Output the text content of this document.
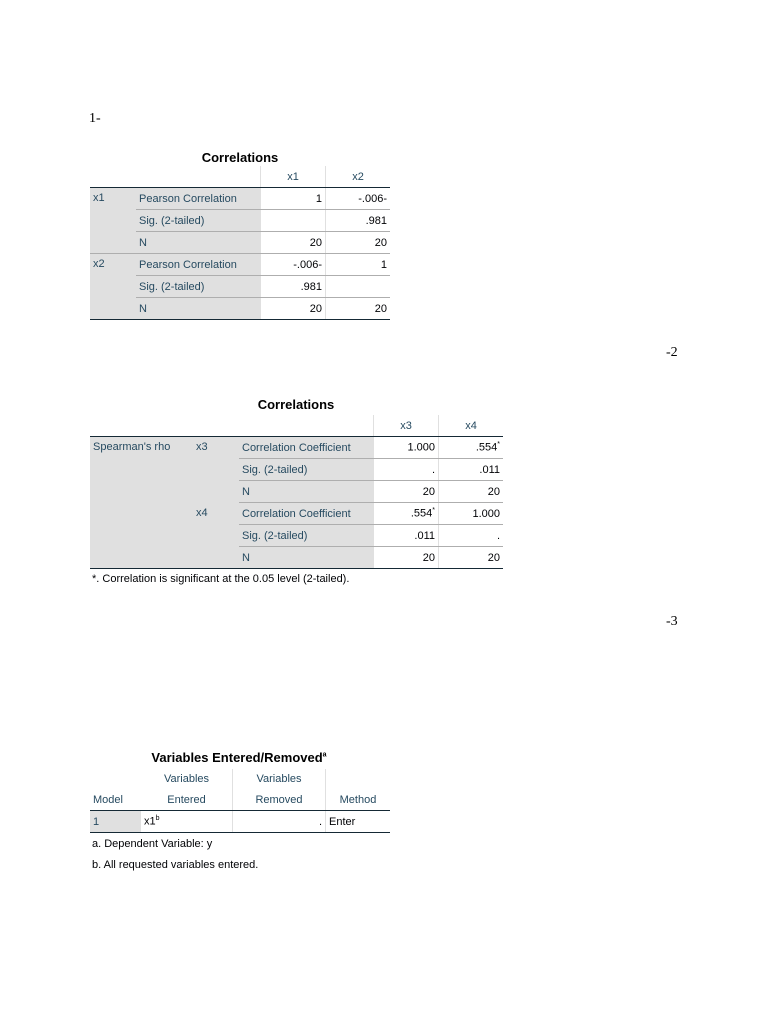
1-
Correlations
		x1	x2
x1	Pearson Correlation	1	-.006-
	Sig. (2-tailed)		.981
	N	20	20
x2	Pearson Correlation	-.006-	1
	Sig. (2-tailed)	.981	
	N	20	20
-2
Correlations
			x3	x4
Spearman's rho	x3	Correlation Coefficient	1.000	.554*
		Sig. (2-tailed)	.	.011
		N	20	20
	x4	Correlation Coefficient	.554*	1.000
		Sig. (2-tailed)	.011	.
		N	20	20
*. Correlation is significant at the 0.05 level (2-tailed).
-3
Variables Entered/Removed$^a$
	Variables	Variables	
Model	Entered	Removed	Method
1	x1$^b$	.	Enter
a. Dependent Variable: y
b. All requested variables entered.
